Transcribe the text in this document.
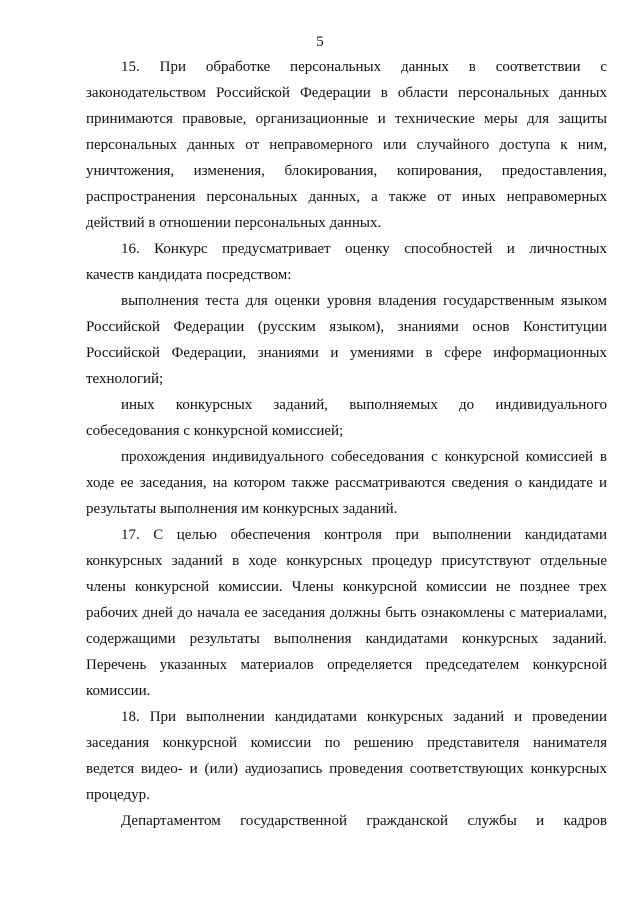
5
15. При обработке персональных данных в соответствии с
законодательством Российской Федерации в области персональных данных
принимаются правовые, организационные и технические меры для защиты
персональных данных от неправомерного или случайного доступа к ним,
уничтожения, изменения, блокирования, копирования, предоставления,
распространения персональных данных, а также от иных неправомерных
действий в отношении персональных данных.
16. Конкурс предусматривает оценку способностей и личностных
качеств кандидата посредством:
выполнения теста для оценки уровня владения государственным языком
Российской Федерации (русским языком), знаниями основ Конституции
Российской Федерации, знаниями и умениями в сфере информационных
технологий;
иных конкурсных заданий, выполняемых до индивидуального
собеседования с конкурсной комиссией;
прохождения индивидуального собеседования с конкурсной комиссией в
ходе ее заседания, на котором также рассматриваются сведения о кандидате и
результаты выполнения им конкурсных заданий.
17. С целью обеспечения контроля при выполнении кандидатами
конкурсных заданий в ходе конкурсных процедур присутствуют отдельные
члены конкурсной комиссии. Члены конкурсной комиссии не позднее трех
рабочих дней до начала ее заседания должны быть ознакомлены с материалами,
содержащими результаты выполнения кандидатами конкурсных заданий.
Перечень указанных материалов определяется председателем конкурсной
комиссии.
18. При выполнении кандидатами конкурсных заданий и проведении
заседания конкурсной комиссии по решению представителя нанимателя
ведется видео- и (или) аудиозапись проведения соответствующих конкурсных
процедур.
Департаментом государственной гражданской службы и кадров
